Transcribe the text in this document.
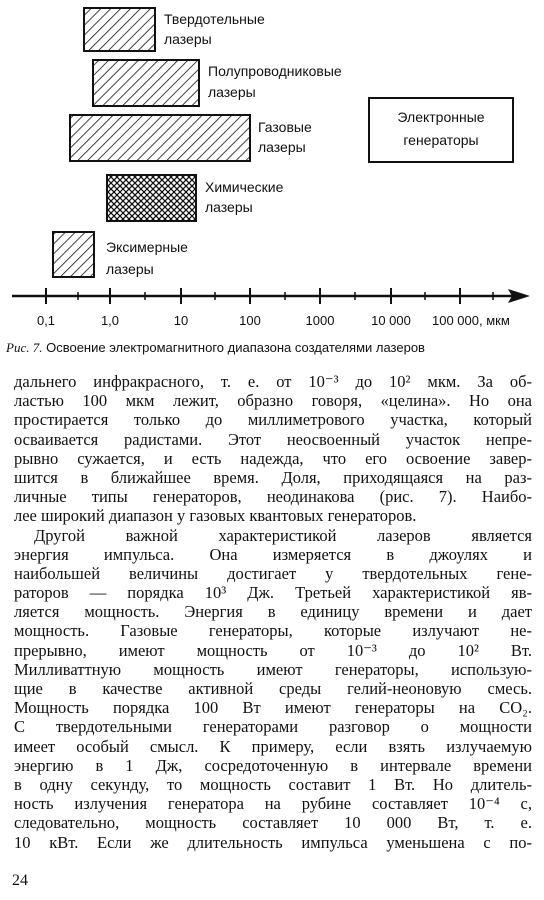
Твердотельные
лазеры
Полупроводниковые
лазеры
Газовые
лазеры
Химические
лазеры
Эксимерные
лазеры
Электронные
генераторы
0,1	1,0	10	100	1000	10 000 100 000, мкм
Рис. 7. Освоение электромагнитного диапазона создателями лазеров
дальнего инфракрасного, т. е. от 10⁻³ до 10² мкм. За об-
ластью 100 мкм лежит, образно говоря, «целина». Но она
простирается только до миллиметрового участка, который
осваивается радистами. Этот неосвоенный участок непре-
рывно сужается, и есть надежда, что его освоение завер-
шится в ближайшее время. Доля, приходящаяся на раз-
личные типы генераторов, неодинакова (рис. 7). Наибо-
лее широкий диапазон у газовых квантовых генераторов.
Другой важной характеристикой лазеров является
энергия импульса. Она измеряется в джоулях и
наибольшей величины достигает у твердотельных гене-
раторов — порядка 10³ Дж. Третьей характеристикой яв-
ляется мощность. Энергия в единицу времени и дает
мощность. Газовые генераторы, которые излучают не-
прерывно, имеют мощность от 10⁻³ до 10² Вт.
Милливаттную мощность имеют генераторы, использую-
щие в качестве активной среды гелий-неоновую смесь.
Мощность порядка 100 Вт имеют генераторы на CO₂.
С твердотельными генераторами разговор о мощности
имеет особый смысл. К примеру, если взять излучаемую
энергию в 1 Дж, сосредоточенную в интервале времени
в одну секунду, то мощность составит 1 Вт. Но длитель-
ность излучения генератора на рубине составляет 10⁻⁴ с,
следовательно, мощность составляет 10 000 Вт, т. е.
10 кВт. Если же длительность импульса уменьшена с по-
24
